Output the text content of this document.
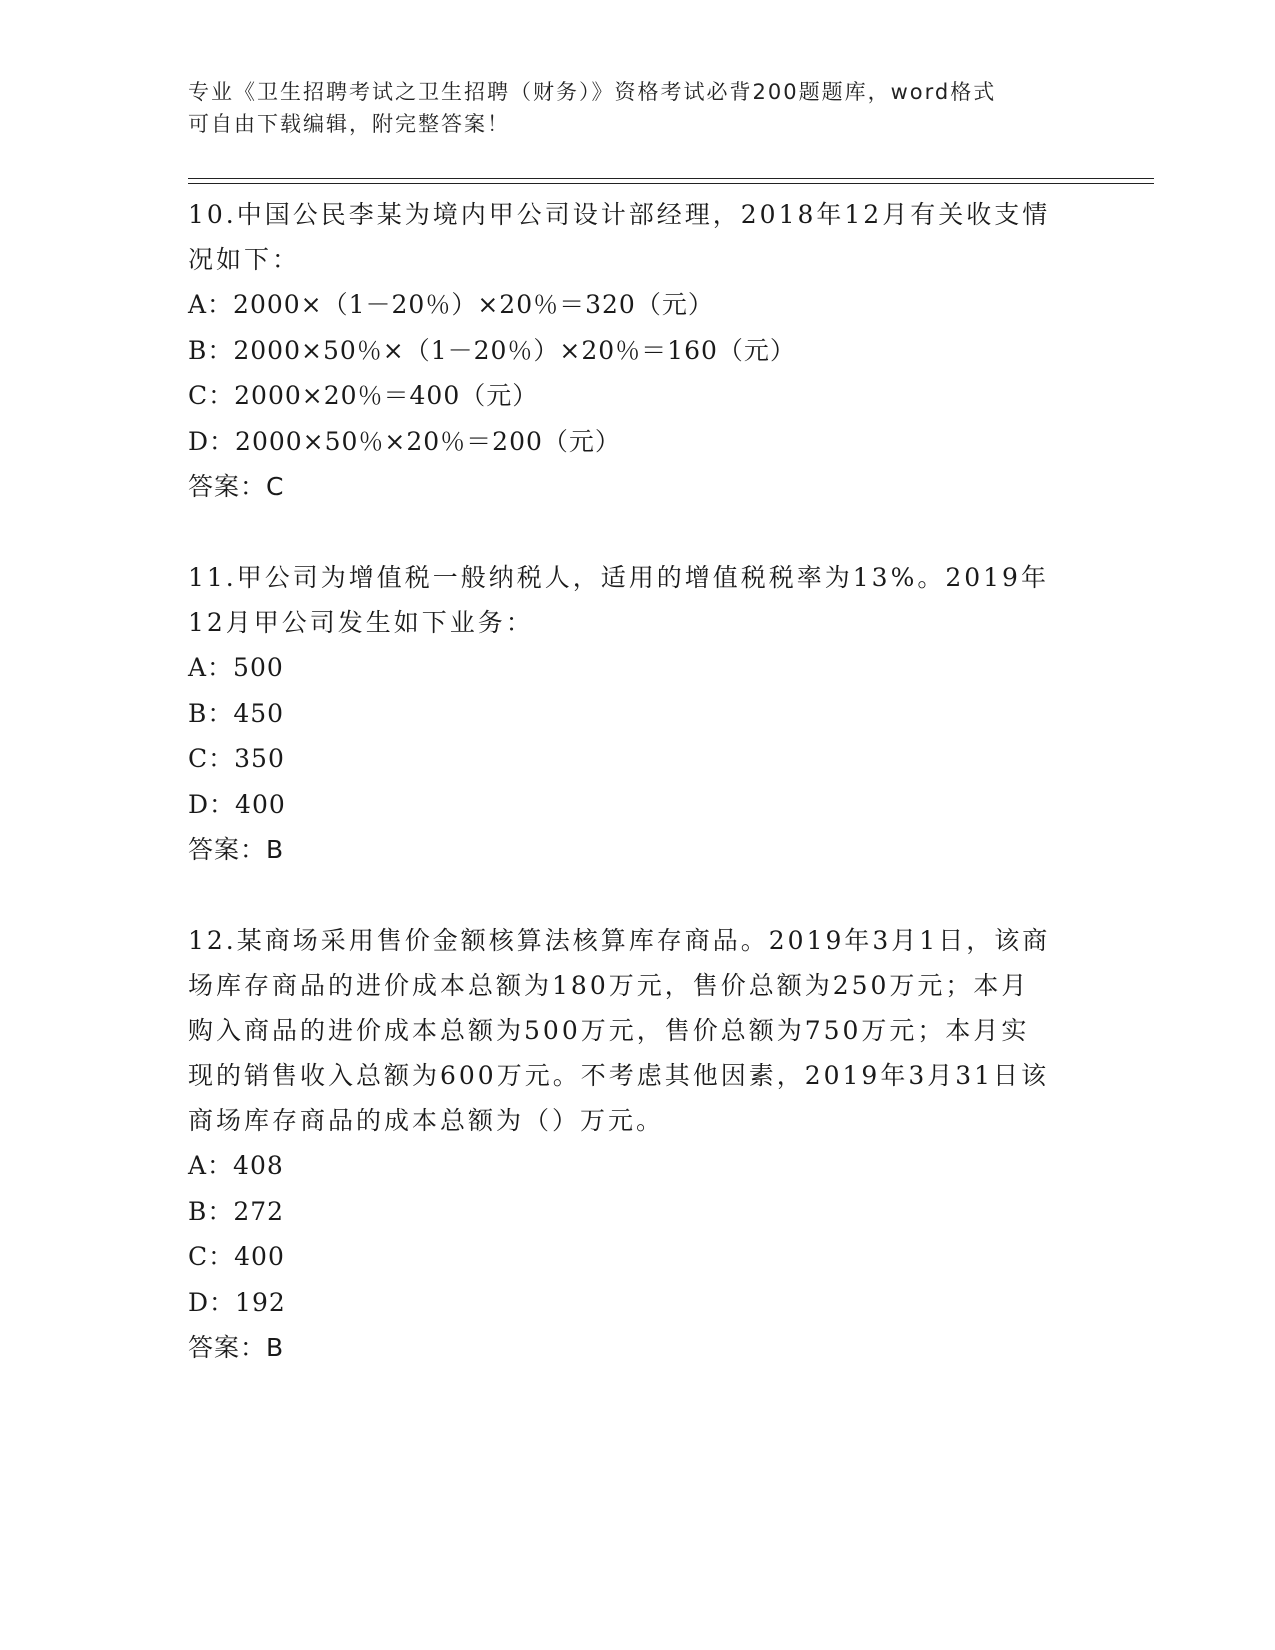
专业《卫生招聘考试之卫生招聘（财务）》资格考试必背200题题库，word格式
可自由下载编辑，附完整答案！
10.中国公民李某为境内甲公司设计部经理，2018年12月有关收支情
况如下：
A：2000×（1－20％）×20％＝320（元）
B：2000×50％×（1－20％）×20％＝160（元）
C：2000×20％＝400（元）
D：2000×50％×20％＝200（元）
答案：C
11.甲公司为增值税一般纳税人，适用的增值税税率为13%。2019年
12月甲公司发生如下业务：
A：500
B：450
C：350
D：400
答案：B
12.某商场采用售价金额核算法核算库存商品。2019年3月1日，该商
场库存商品的进价成本总额为180万元，售价总额为250万元；本月
购入商品的进价成本总额为500万元，售价总额为750万元；本月实
现的销售收入总额为600万元。不考虑其他因素，2019年3月31日该
商场库存商品的成本总额为（）万元。
A：408
B：272
C：400
D：192
答案：B
